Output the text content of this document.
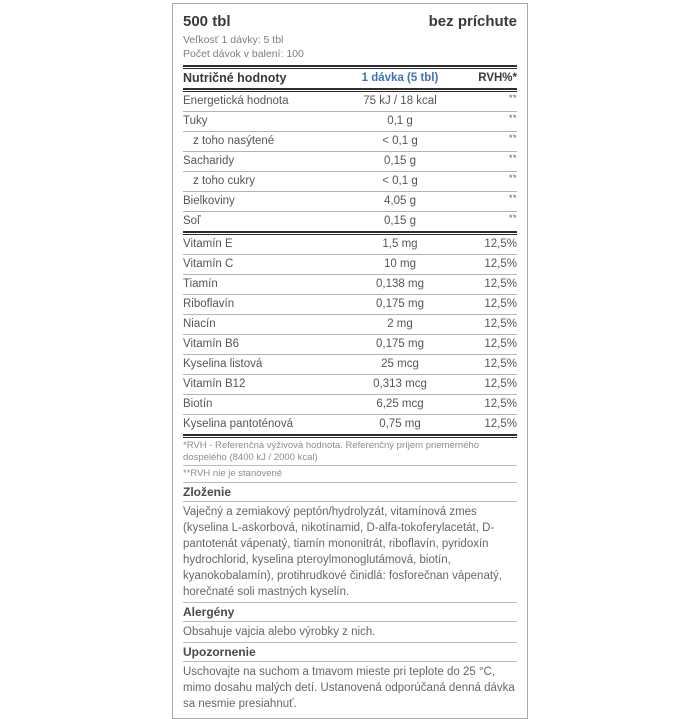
500 tbl	bez príchute
Veľkosť 1 dávky: 5 tbl
Počet dávok v balení: 100
Nutričné hodnoty	1 dávka (5 tbl)	RVH%*
Energetická hodnota	75 kJ / 18 kcal	**
Tuky	0,1 g	**
z toho nasýtené	< 0,1 g	**
Sacharidy	0,15 g	**
z toho cukry	< 0,1 g	**
Bielkoviny	4,05 g	**
Soľ	0,15 g	**
Vitamín E	1,5 mg	12,5%
Vitamín C	10 mg	12,5%
Tiamín	0,138 mg	12,5%
Riboflavín	0,175 mg	12,5%
Niacín	2 mg	12,5%
Vitamín B6	0,175 mg	12,5%
Kyselina listová	25 mcg	12,5%
Vitamín B12	0,313 mcg	12,5%
Biotín	6,25 mcg	12,5%
Kyselina pantoténová	0,75 mg	12,5%
*RVH - Referenčná výživová hodnota. Referenčný príjem priemerného dospelého (8400 kJ / 2000 kcal)
**RVH nie je stanovené
Zloženie
Vaječný a zemiakový peptón/hydrolyzát, vitamínová zmes (kyselina L-askorbová, nikotínamid, D-alfa-tokoferylacetát, D-pantotenát vápenatý, tiamín mononitrát, riboflavín, pyridoxín hydrochlorid, kyselina pteroylmonoglutámová, biotín, kyanokobalamín), protihrudkové činidlá: fosforečnan vápenatý, horečnaté soli mastných kyselín.
Alergény
Obsahuje vajcia alebo výrobky z nich.
Upozornenie
Uschovajte na suchom a tmavom mieste pri teplote do 25 °C, mimo dosahu malých detí. Ustanovená odporúčaná denná dávka sa nesmie presiahnuť.
